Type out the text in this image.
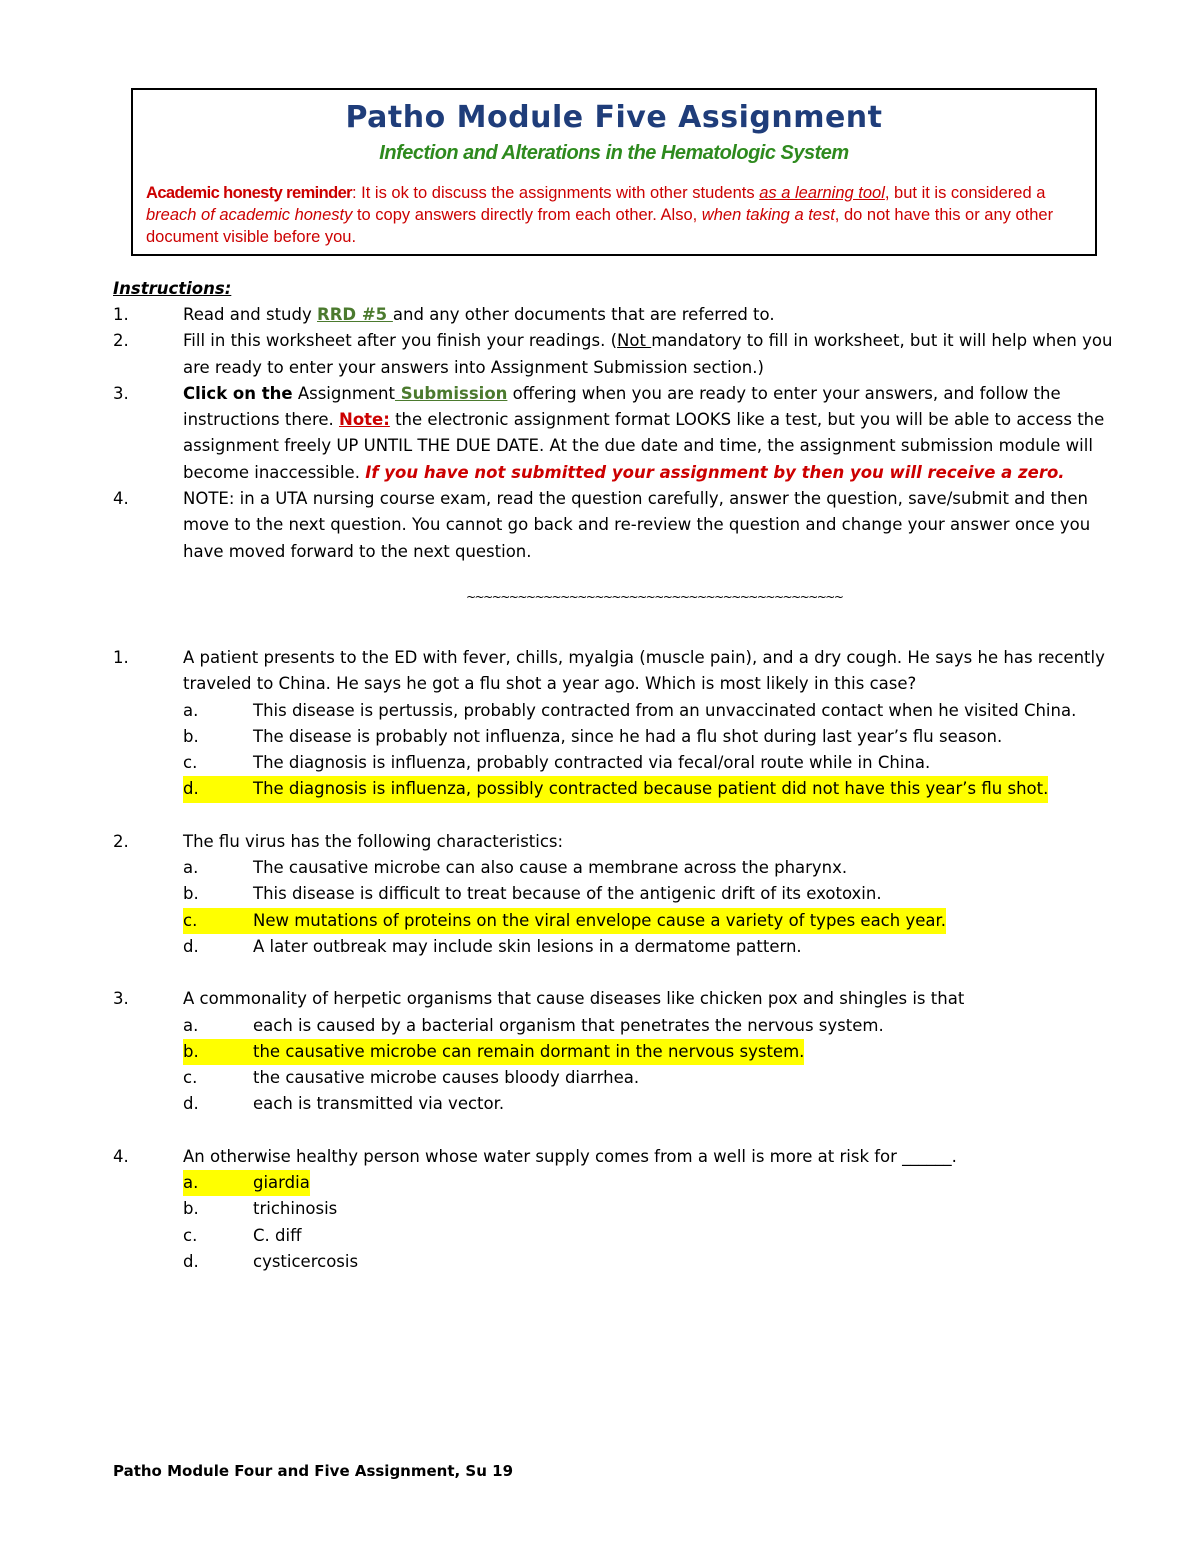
Patho Module Five Assignment
Infection and Alterations in the Hematologic System
Academic honesty reminder: It is ok to discuss the assignments with other students as a learning tool, but it is considered a breach of academic honesty to copy answers directly from each other. Also, when taking a test, do not have this or any other document visible before you.
Instructions:
1.	Read and study RRD #5 and any other documents that are referred to.
2.	Fill in this worksheet after you finish your readings. (Not mandatory to fill in worksheet, but it will help when you are ready to enter your answers into Assignment Submission section.)
3.	Click on the Assignment Submission offering when you are ready to enter your answers, and follow the instructions there. Note: the electronic assignment format LOOKS like a test, but you will be able to access the assignment freely UP UNTIL THE DUE DATE. At the due date and time, the assignment submission module will become inaccessible. If you have not submitted your assignment by then you will receive a zero.
4.	NOTE: in a UTA nursing course exam, read the question carefully, answer the question, save/submit and then move to the next question. You cannot go back and re-review the question and change your answer once you have moved forward to the next question.
~~~~~~~~~~~~~~~~~~~~~~~~~~~~~~~~~~~~~~~~~~~~
1.	A patient presents to the ED with fever, chills, myalgia (muscle pain), and a dry cough. He says he has recently traveled to China. He says he got a flu shot a year ago. Which is most likely in this case?
a.	This disease is pertussis, probably contracted from an unvaccinated contact when he visited China.
b.	The disease is probably not influenza, since he had a flu shot during last year’s flu season.
c.	The diagnosis is influenza, probably contracted via fecal/oral route while in China.
d.	The diagnosis is influenza, possibly contracted because patient did not have this year’s flu shot.
2.	The flu virus has the following characteristics:
a.	The causative microbe can also cause a membrane across the pharynx.
b.	This disease is difficult to treat because of the antigenic drift of its exotoxin.
c.	New mutations of proteins on the viral envelope cause a variety of types each year.
d.	A later outbreak may include skin lesions in a dermatome pattern.
3.	A commonality of herpetic organisms that cause diseases like chicken pox and shingles is that
a.	each is caused by a bacterial organism that penetrates the nervous system.
b.	the causative microbe can remain dormant in the nervous system.
c.	the causative microbe causes bloody diarrhea.
d.	each is transmitted via vector.
4.	An otherwise healthy person whose water supply comes from a well is more at risk for ______.
a.	giardia
b.	trichinosis
c.	C. diff
d.	cysticercosis
Patho Module Four and Five Assignment, Su 19
